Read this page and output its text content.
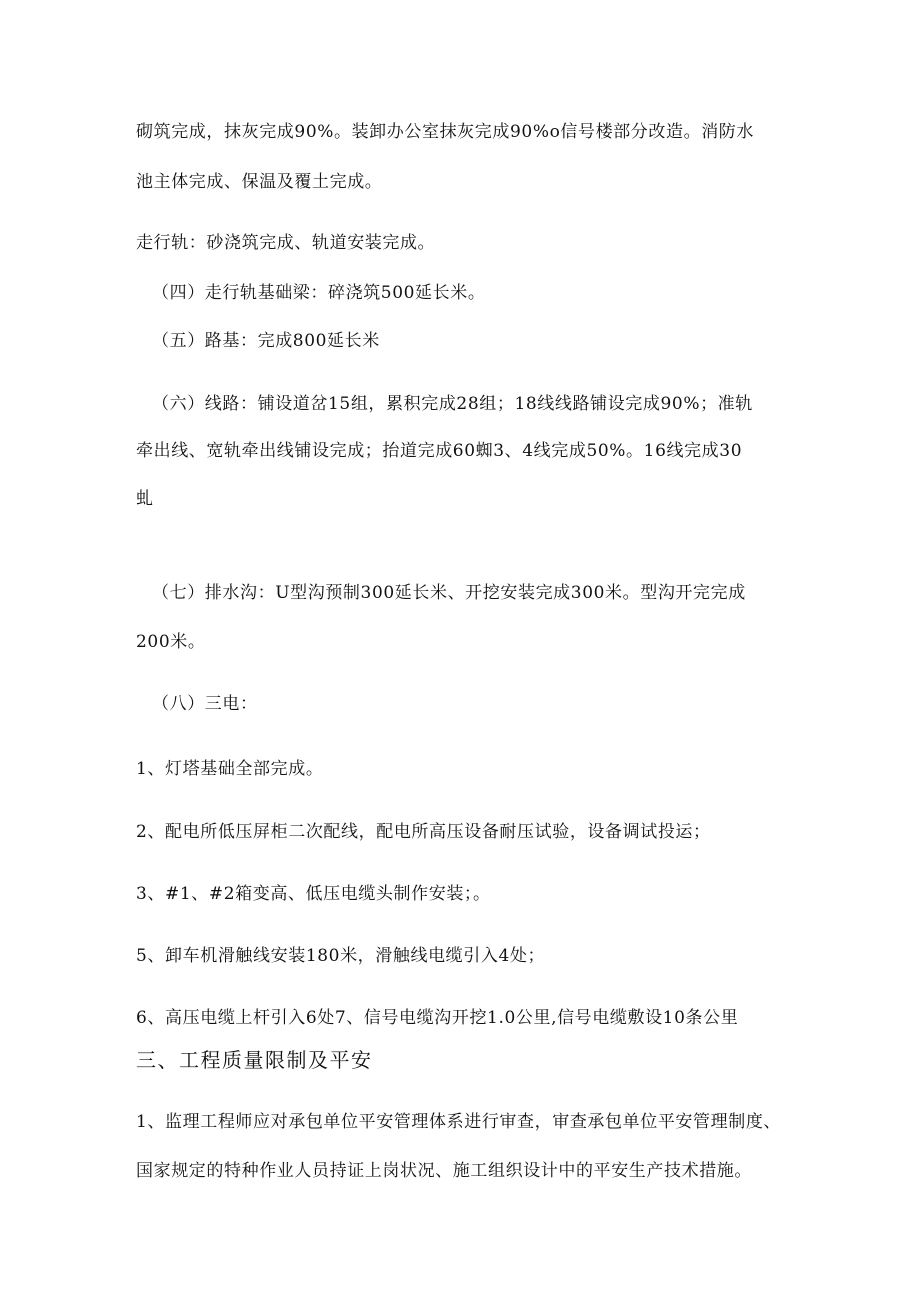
砌筑完成，抹灰完成90%。装卸办公室抹灰完成90%o信号楼部分改造。消防水
池主体完成、保温及覆土完成。
走行轨：砂浇筑完成、轨道安装完成。
（四）走行轨基础梁：碎浇筑500延长米。
（五）路基：完成800延长米
（六）线路：铺设道岔15组，累积完成28组；18线线路铺设完成90%；准轨
牵出线、宽轨牵出线铺设完成；抬道完成60蜘3、4线完成50%。16线完成30
虬
（七）排水沟：U型沟预制300延长米、开挖安装完成300米。型沟开完完成
200米。
（八）三电：
1、灯塔基础全部完成。
2、配电所低压屏柜二次配线，配电所高压设备耐压试验，设备调试投运；
3、#1、#2箱变高、低压电缆头制作安装；。
5、卸车机滑触线安装180米，滑触线电缆引入4处；
6、高压电缆上杆引入6处7、信号电缆沟开挖1.0公里,信号电缆敷设10条公里
三、工程质量限制及平安
1、监理工程师应对承包单位平安管理体系进行审查，审查承包单位平安管理制度、
国家规定的特种作业人员持证上岗状况、施工组织设计中的平安生产技术措施。
